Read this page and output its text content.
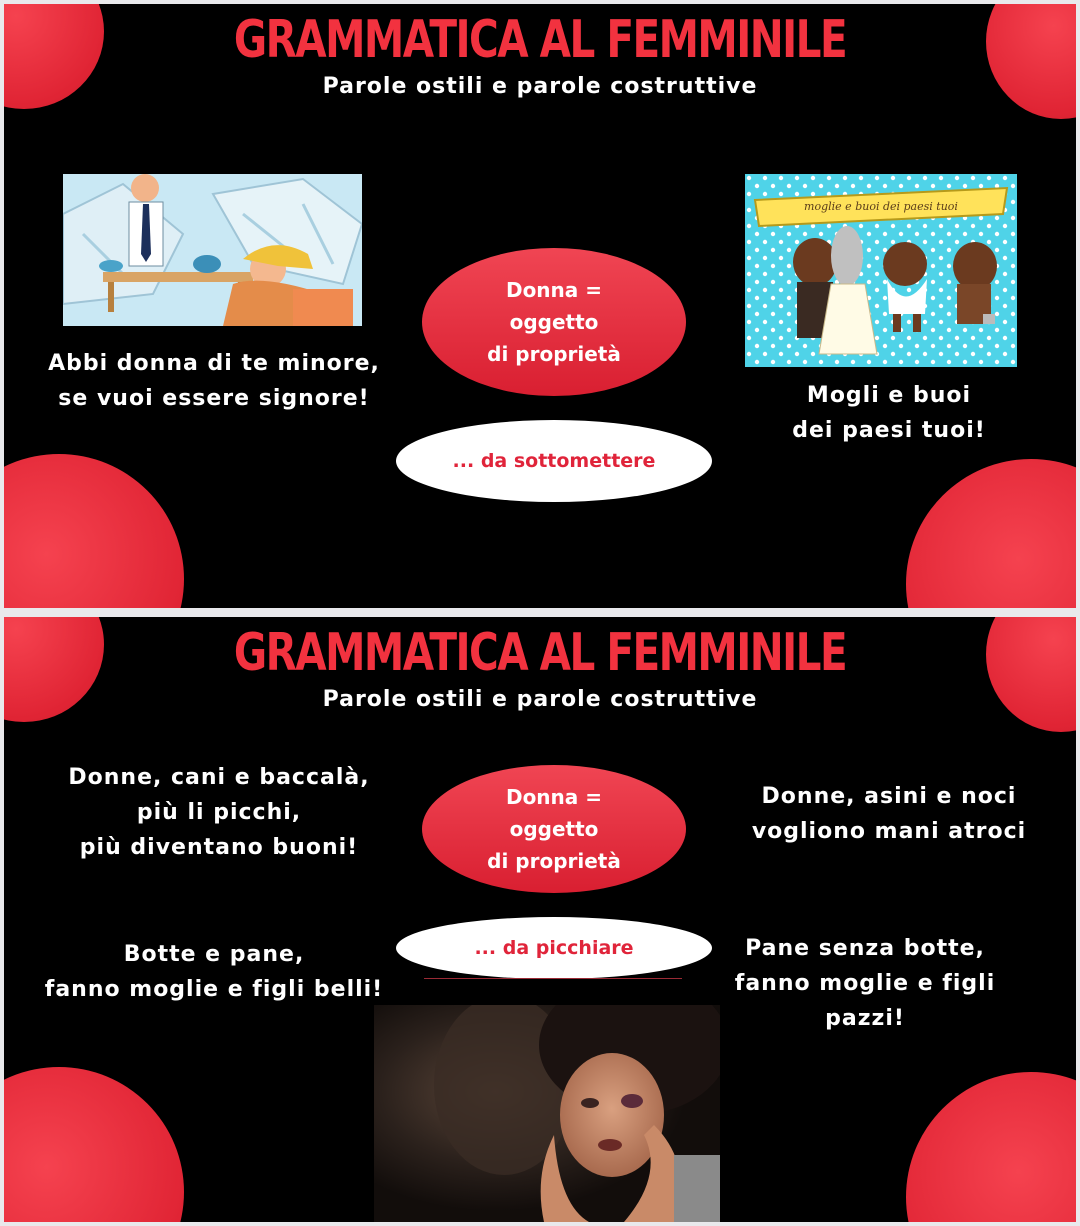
GRAMMATICA AL FEMMINILE
Parole ostili e parole costruttive
moglie e buoi dei paesi tuoi
Abbi donna di te minore,
se vuoi essere signore!	Mogli e buoi
dei paesi tuoi!
Donna =
oggetto
di proprietà
... da sottomettere
GRAMMATICA AL FEMMINILE
Parole ostili e parole costruttive
Donne, cani e baccalà,
più li picchi,
più diventano buoni!
Donne, asini e noci
vogliono mani atroci
Botte e pane,
fanno moglie e figli belli!
Pane senza botte,
fanno moglie e figli
pazzi!
Donna =
oggetto
di proprietà
... da picchiare
